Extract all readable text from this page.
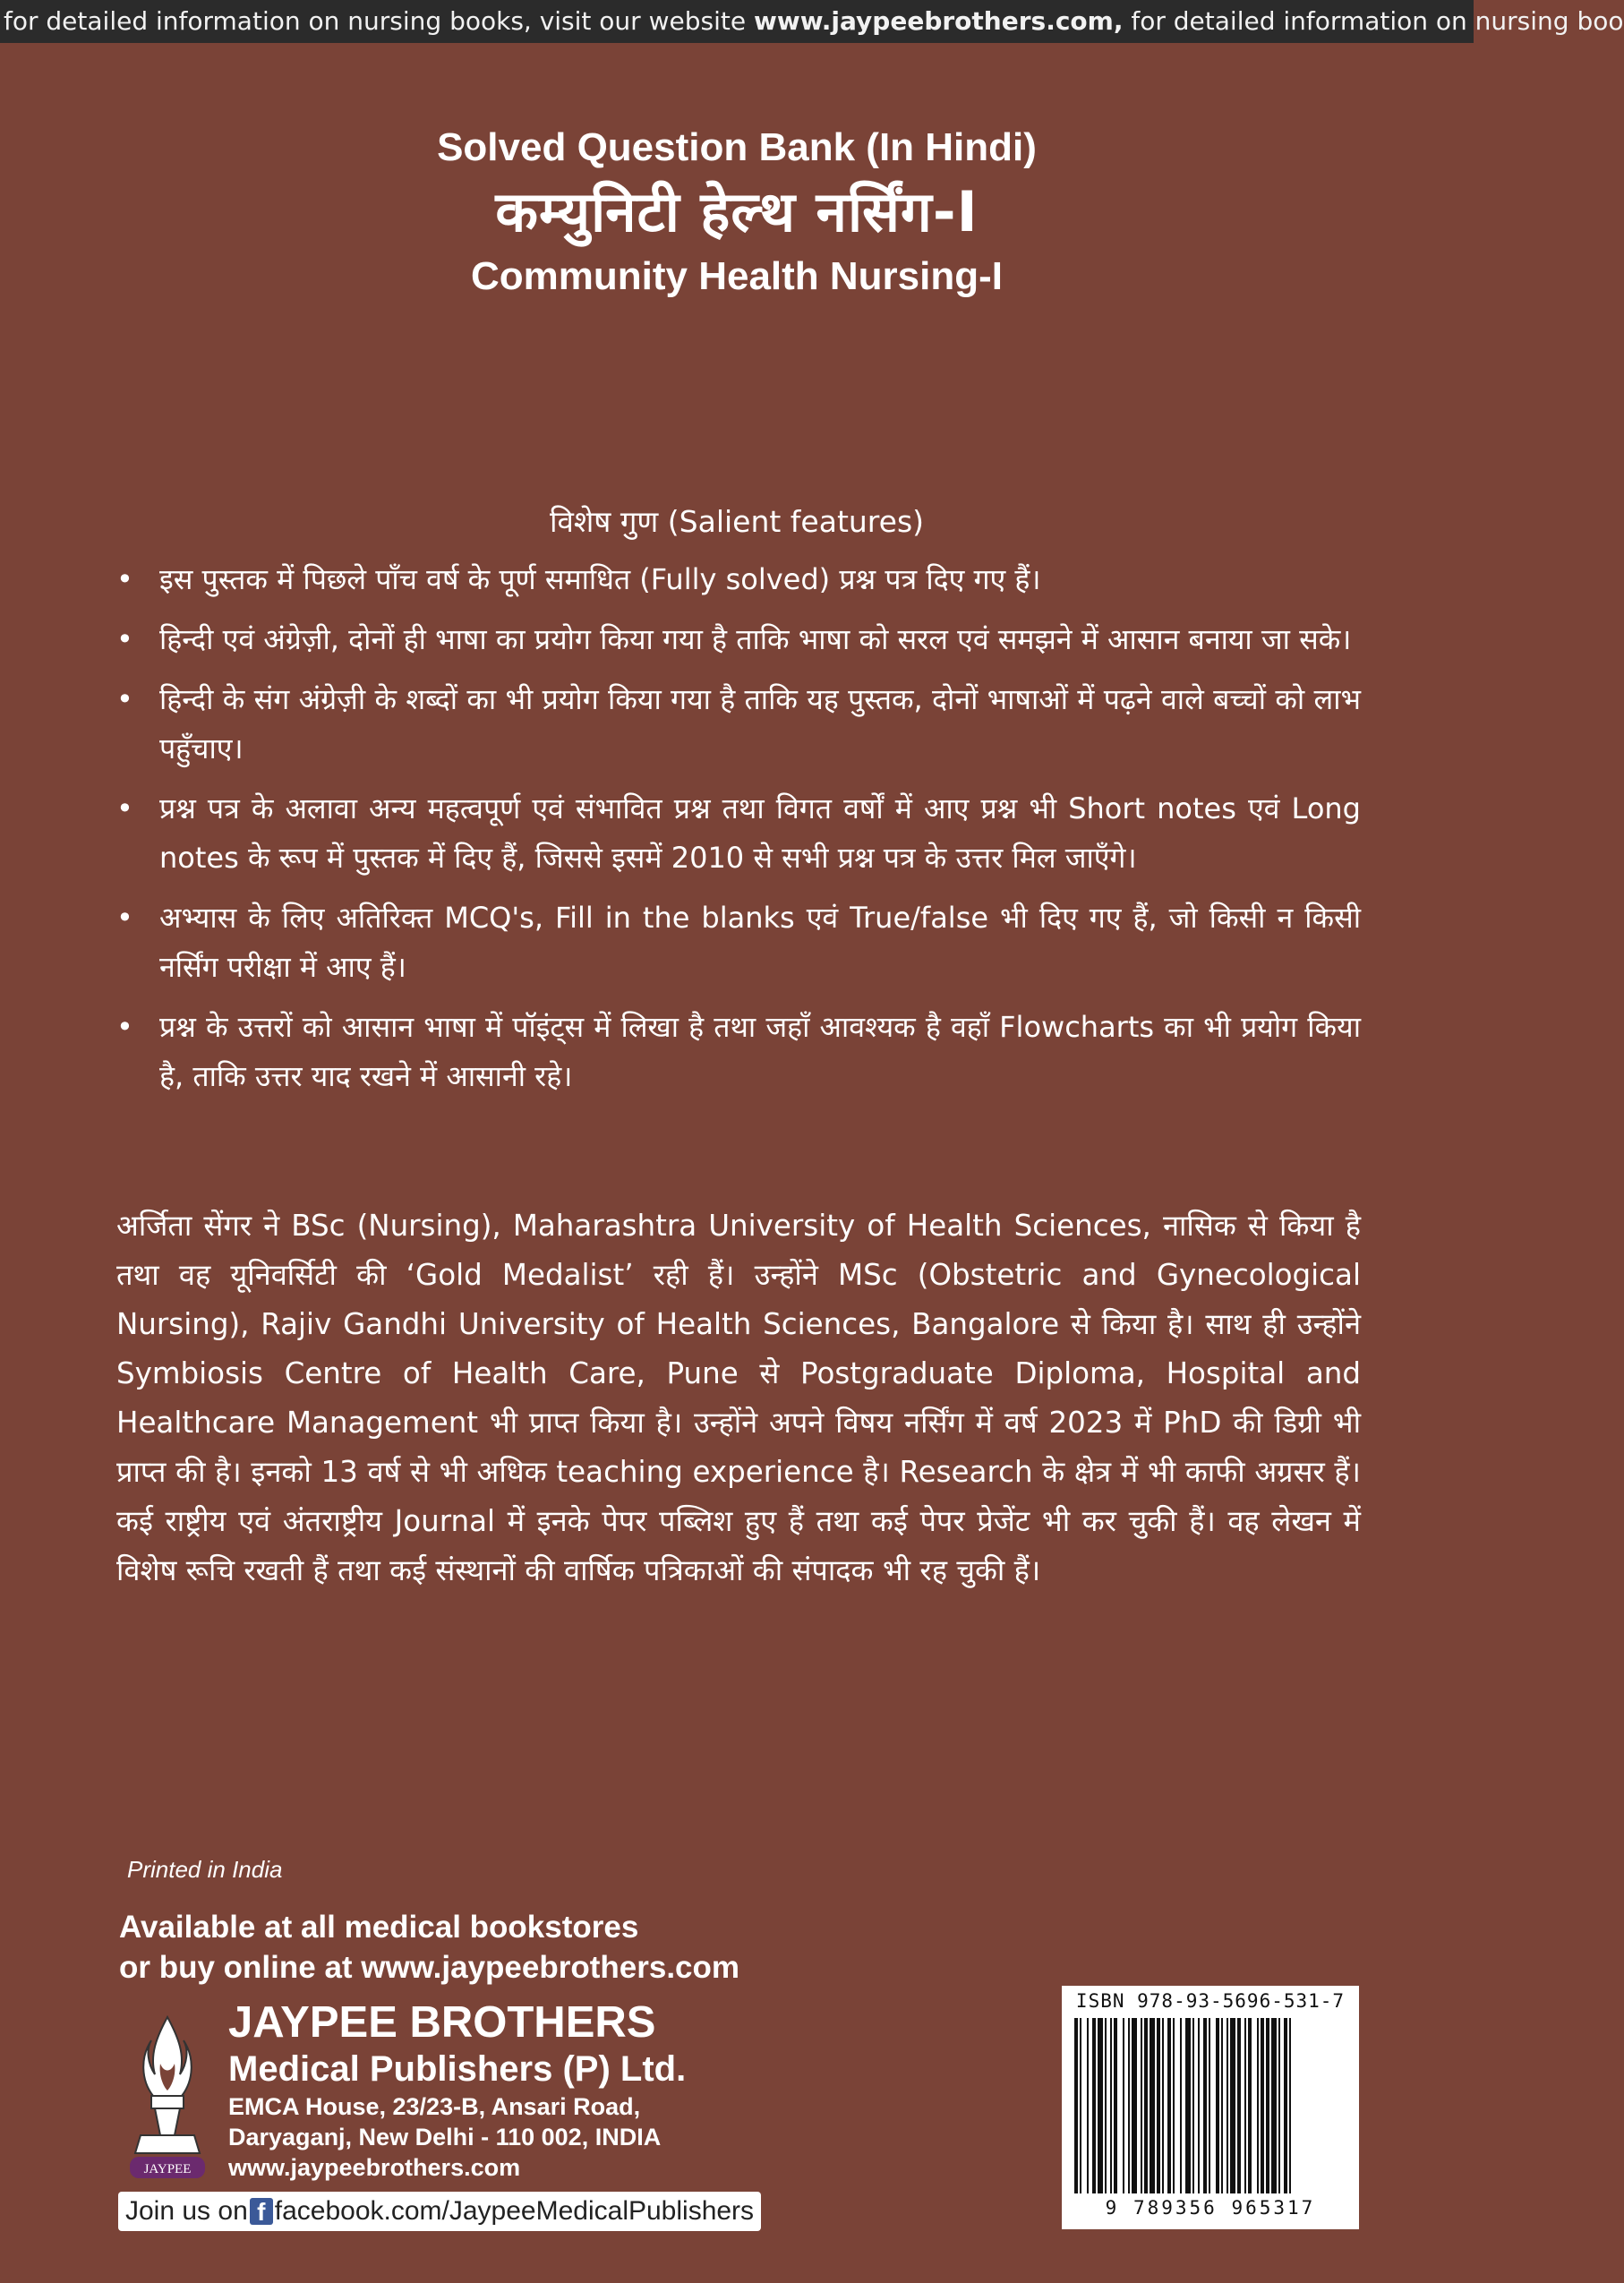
for detailed information on nursing books, visit our website www.jaypeebrothers.com, for detailed information on nursing boo
Solved Question Bank (In Hindi)
कम्युनिटी हेल्थ नर्सिंग-I
Community Health Nursing-I
विशेष गुण (Salient features)
• इस पुस्तक में पिछले पाँच वर्ष के पूर्ण समाधित (Fully solved) प्रश्न पत्र दिए गए हैं।
• हिन्दी एवं अंग्रेज़ी, दोनों ही भाषा का प्रयोग किया गया है ताकि भाषा को सरल एवं समझने में आसान बनाया जा सके।
• हिन्दी के संग अंग्रेज़ी के शब्दों का भी प्रयोग किया गया है ताकि यह पुस्तक, दोनों भाषाओं में पढ़ने वाले बच्चों को लाभ पहुँचाए।
• प्रश्न पत्र के अलावा अन्य महत्वपूर्ण एवं संभावित प्रश्न तथा विगत वर्षों में आए प्रश्न भी Short notes एवं Long notes के रूप में पुस्तक में दिए हैं, जिससे इसमें 2010 से सभी प्रश्न पत्र के उत्तर मिल जाएँगे।
• अभ्यास के लिए अतिरिक्त MCQ's, Fill in the blanks एवं True/false भी दिए गए हैं, जो किसी न किसी नर्सिंग परीक्षा में आए हैं।
• प्रश्न के उत्तरों को आसान भाषा में पॉइंट्स में लिखा है तथा जहाँ आवश्यक है वहाँ Flowcharts का भी प्रयोग किया है, ताकि उत्तर याद रखने में आसानी रहे।
अर्जिता सेंगर ने BSc (Nursing), Maharashtra University of Health Sciences, नासिक से किया है तथा वह यूनिवर्सिटी की ‘Gold Medalist’ रही हैं। उन्होंने MSc (Obstetric and Gynecological Nursing), Rajiv Gandhi University of Health Sciences, Bangalore से किया है। साथ ही उन्होंने Symbiosis Centre of Health Care, Pune से Postgraduate Diploma, Hospital and Healthcare Management भी प्राप्त किया है। उन्होंने अपने विषय नर्सिंग में वर्ष 2023 में PhD की डिग्री भी प्राप्त की है। इनको 13 वर्ष से भी अधिक teaching experience है। Research के क्षेत्र में भी काफी अग्रसर हैं। कई राष्ट्रीय एवं अंतराष्ट्रीय Journal में इनके पेपर पब्लिश हुए हैं तथा कई पेपर प्रेजेंट भी कर चुकी हैं। वह लेखन में विशेष रूचि रखती हैं तथा कई संस्थानों की वार्षिक पत्रिकाओं की संपादक भी रह चुकी हैं।
Printed in India
Available at all medical bookstores
or buy online at www.jaypeebrothers.com
JAYPEE
JAYPEE BROTHERS
Medical Publishers (P) Ltd.
EMCA House, 23/23-B, Ansari Road,
Daryaganj, New Delhi - 110 002, INDIA
www.jaypeebrothers.com
Join us on f facebook.com/JaypeeMedicalPublishers
ISBN 978-93-5696-531-7
9 789356 965317
